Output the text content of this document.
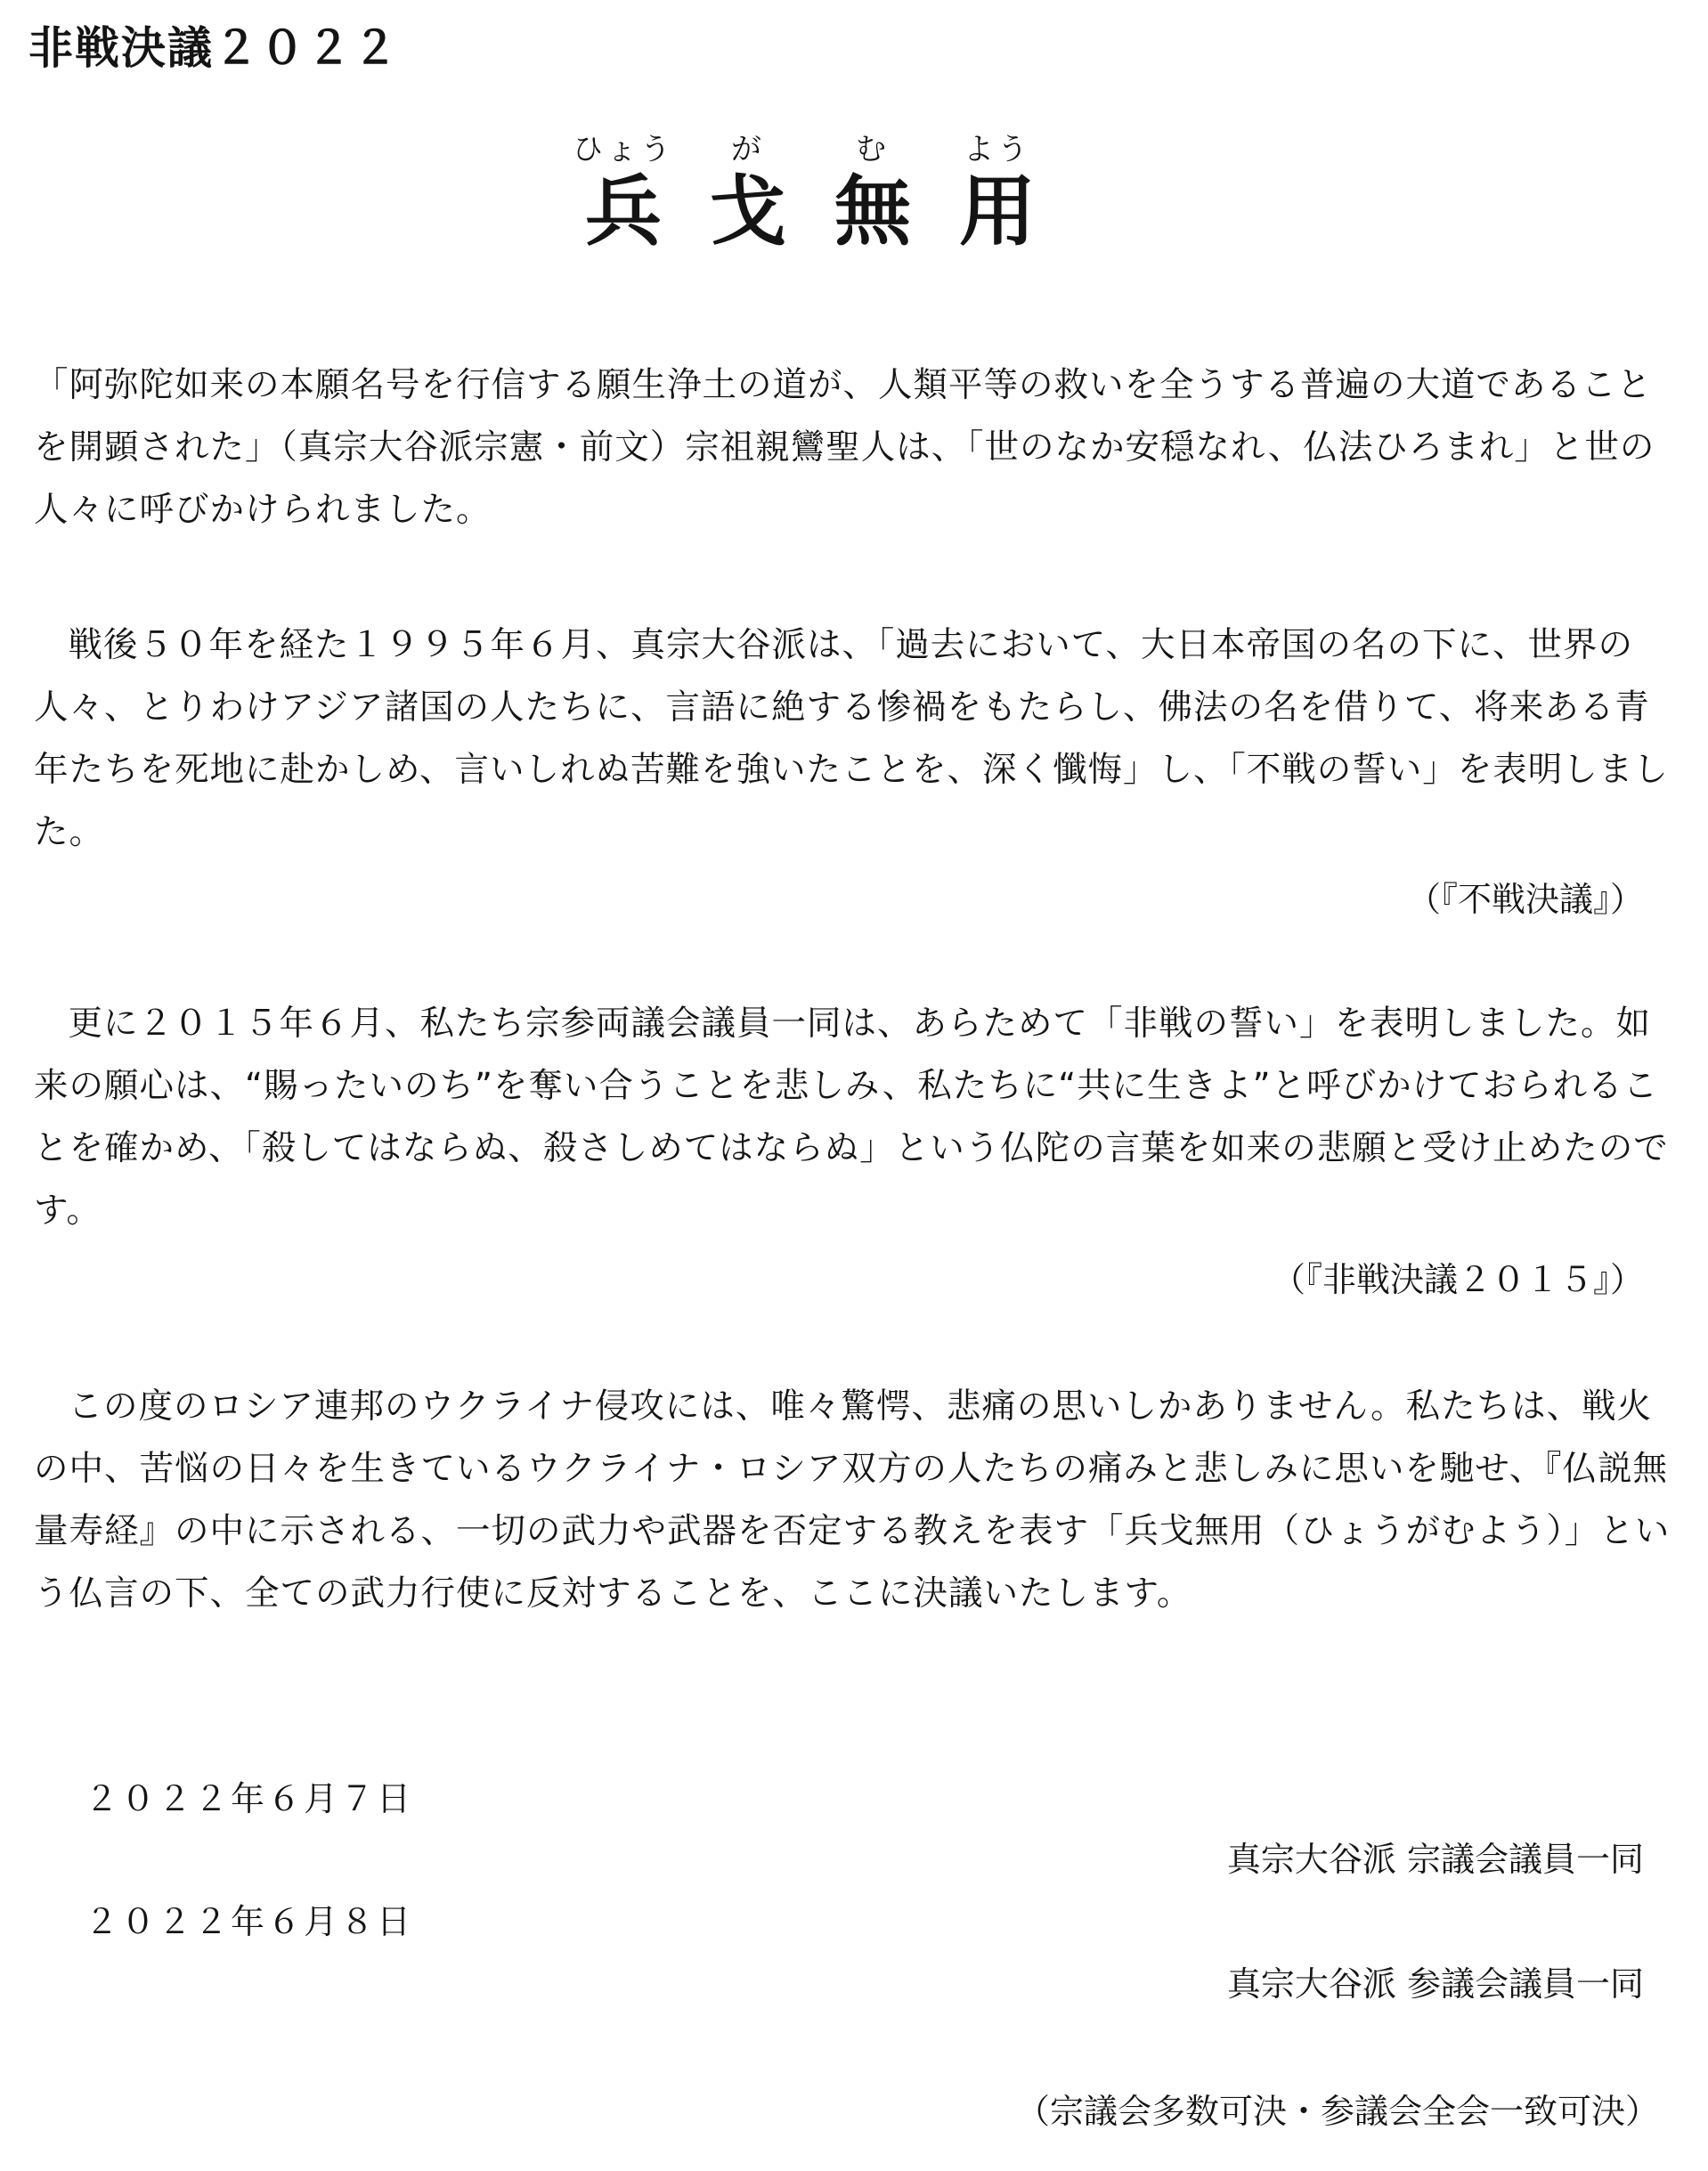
非戦決議２０２２
ひょう
兵
が
戈
む
無
よう
用

「阿弥陀如来の本願名号を行信する願生浄土の道が、人類平等の救いを全うする普遍の大道であることを開顕された」（真宗大谷派宗憲・前文）宗祖親鸞聖人は、「世のなか安穏なれ、仏法ひろまれ」と世の人々に呼びかけられました。

戦後５０年を経た１９９５年６月、真宗大谷派は、「過去において、大日本帝国の名の下に、世界の人々、とりわけアジア諸国の人たちに、言語に絶する惨禍をもたらし、佛法の名を借りて、将来ある青年たちを死地に赴かしめ、言いしれぬ苦難を強いたことを、深く懺悔」し、「不戦の誓い」を表明しました。

（『不戦決議』）

更に２０１５年６月、私たち宗参両議会議員一同は、あらためて「非戦の誓い」を表明しました。如来の願心は、“賜ったいのち”を奪い合うことを悲しみ、私たちに“共に生きよ”と呼びかけておられることを確かめ、「殺してはならぬ、殺さしめてはならぬ」という仏陀の言葉を如来の悲願と受け止めたのです。

（『非戦決議２０１５』）

この度のロシア連邦のウクライナ侵攻には、唯々驚愕、悲痛の思いしかありません。私たちは、戦火の中、苦悩の日々を生きているウクライナ・ロシア双方の人たちの痛みと悲しみに思いを馳せ、『仏説無量寿経』の中に示される、一切の武力や武器を否定する教えを表す「兵戈無用（ひょうがむよう）」という仏言の下、全ての武力行使に反対することを、ここに決議いたします。

２０２２年６月７日
真宗大谷派 宗議会議員一同
２０２２年６月８日
真宗大谷派 参議会議員一同
（宗議会多数可決・参議会全会一致可決）
